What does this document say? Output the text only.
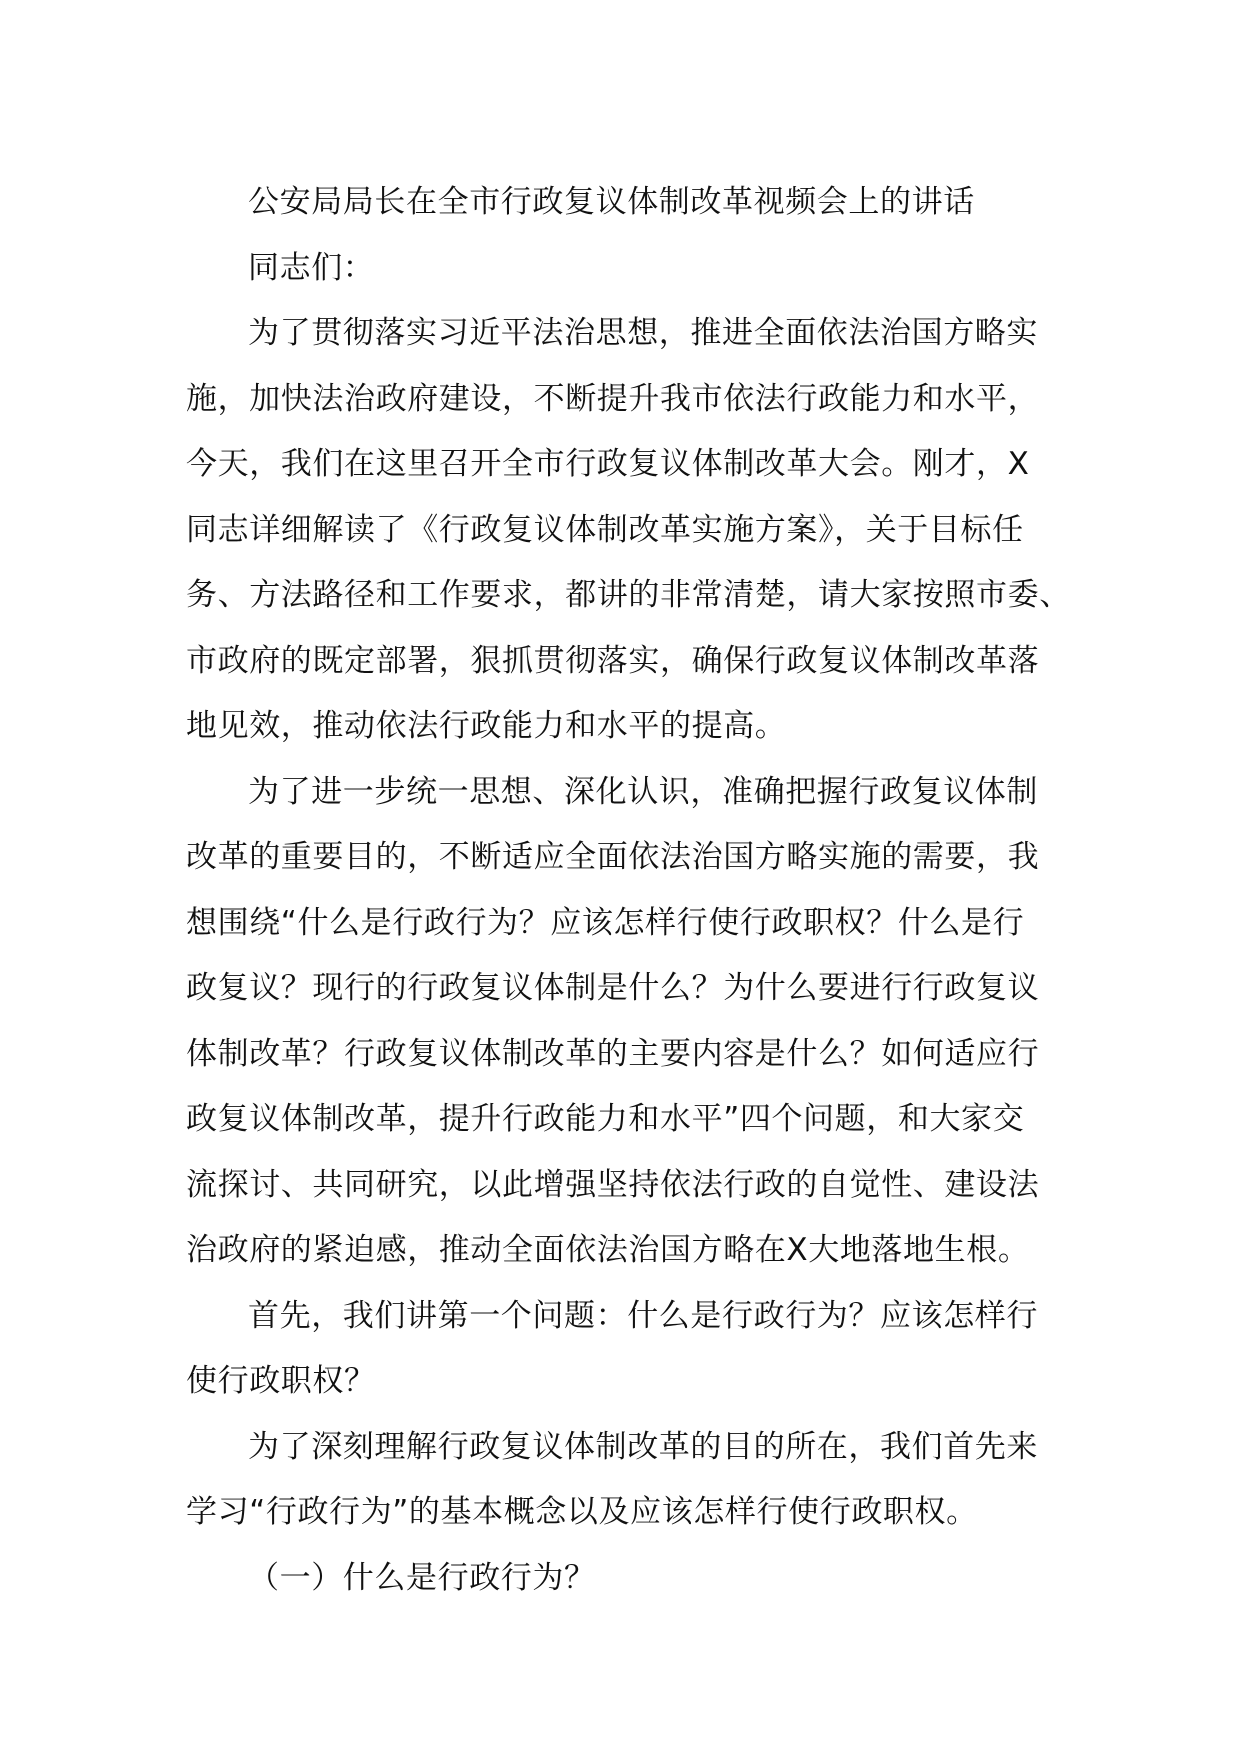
公安局局长在全市行政复议体制改革视频会上的讲话
同志们：
为了贯彻落实习近平法治思想，推进全面依法治国方略实
施，加快法治政府建设，不断提升我市依法行政能力和水平，
今天，我们在这里召开全市行政复议体制改革大会。刚才，X
同志详细解读了《行政复议体制改革实施方案》，关于目标任
务、方法路径和工作要求，都讲的非常清楚，请大家按照市委、
市政府的既定部署，狠抓贯彻落实，确保行政复议体制改革落
地见效，推动依法行政能力和水平的提高。
为了进一步统一思想、深化认识，准确把握行政复议体制
改革的重要目的，不断适应全面依法治国方略实施的需要，我
想围绕“什么是行政行为？应该怎样行使行政职权？什么是行
政复议？现行的行政复议体制是什么？为什么要进行行政复议
体制改革？行政复议体制改革的主要内容是什么？如何适应行
政复议体制改革，提升行政能力和水平”四个问题，和大家交
流探讨、共同研究，以此增强坚持依法行政的自觉性、建设法
治政府的紧迫感，推动全面依法治国方略在X大地落地生根。
首先，我们讲第一个问题：什么是行政行为？应该怎样行
使行政职权？
为了深刻理解行政复议体制改革的目的所在，我们首先来
学习“行政行为”的基本概念以及应该怎样行使行政职权。
（一）什么是行政行为？
